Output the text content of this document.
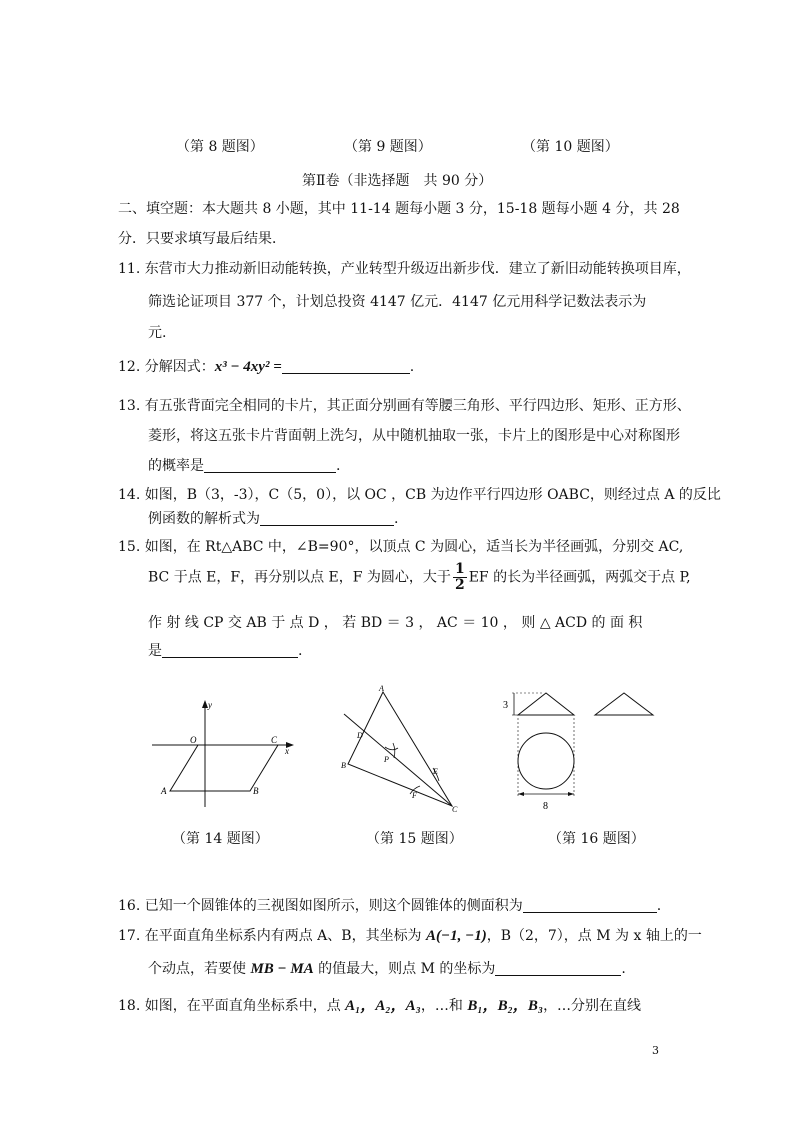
（第 8 题图）	（第 9 题图）	（第 10 题图）
第Ⅱ卷（非选择题　共 90 分）
二、填空题：本大题共 8 小题，其中 11-14 题每小题 3 分，15-18 题每小题 4 分，共 28
分．只要求填写最后结果．
11. 东营市大力推动新旧动能转换，产业转型升级迈出新步伐．建立了新旧动能转换项目库，
筛选论证项目 377 个，计划总投资 4147 亿元．4147 亿元用科学记数法表示为
元.
12. 分解因式：x³ − 4xy² =	.
13. 有五张背面完全相同的卡片，其正面分别画有等腰三角形、平行四边形、矩形、正方形、
菱形，将这五张卡片背面朝上洗匀，从中随机抽取一张，卡片上的图形是中心对称图形
的概率是	.
14. 如图，B（3，-3），C（5，0），以 OC ，CB 为边作平行四边形 OABC，则经过点 A 的反比
例函数的解析式为	.
15. 如图，在 Rt△ABC 中，∠B=90°，以顶点 C 为圆心，适当长为半径画弧，分别交 AC,
BC 于点 E，F，再分别以点 E，F 为圆心，大于 $\frac{1}{2}$ EF 的长为半径画弧，两弧交于点 P,
作 射 线 CP 交 AB 于 点 D ， 若 BD ＝ 3 ， AC ＝ 10 ， 则 △ ACD 的 面 积
是	.
y
x
O	C
A	B
A
D
P
B
E
F
C
3
8
（第 14 题图）	（第 15 题图）	（第 16 题图）
16. 已知一个圆锥体的三视图如图所示，则这个圆锥体的侧面积为	.
17. 在平面直角坐标系内有两点 A、B，其坐标为 A(−1, −1)，B（2，7），点 M 为 x 轴上的一
个动点，若要使 MB − MA 的值最大，则点 M 的坐标为	.
18. 如图，在平面直角坐标系中，点 A₁，A₂，A₃，…和 B₁，B₂，B₃，…分别在直线
3
